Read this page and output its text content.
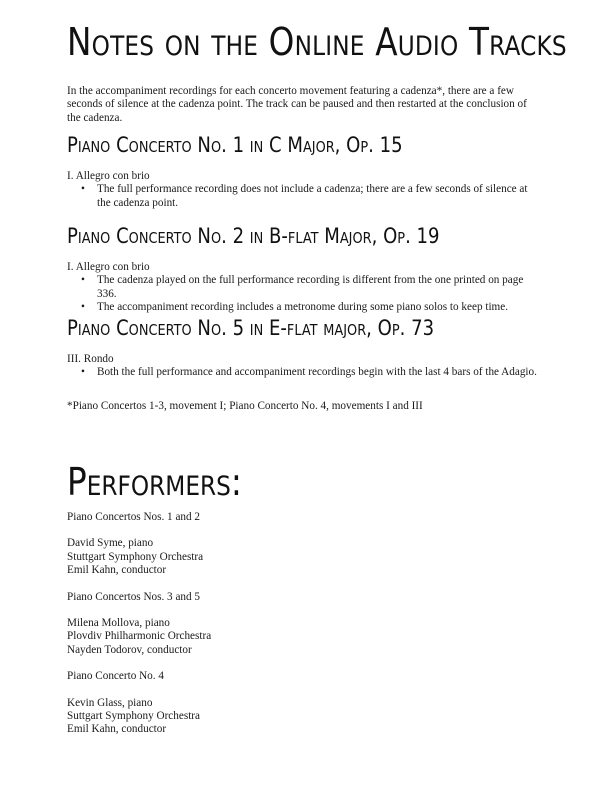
Notes on the Online Audio Tracks

In the accompaniment recordings for each concerto movement featuring a cadenza*, there are a few seconds of silence at the cadenza point. The track can be paused and then restarted at the conclusion of the cadenza.

Piano Concerto No. 1 in C Major, Op. 15
I. Allegro con brio
• The full performance recording does not include a cadenza; there are a few seconds of silence at the cadenza point.
Piano Concerto No. 2 in B-flat Major, Op. 19
I. Allegro con brio
• The cadenza played on the full performance recording is different from the one printed on page 336.
• The accompaniment recording includes a metronome during some piano solos to keep time.
Piano Concerto No. 5 in E-flat major, Op. 73
III. Rondo
• Both the full performance and accompaniment recordings begin with the last 4 bars of the Adagio.

*Piano Concertos 1-3, movement I; Piano Concerto No. 4, movements I and III

Performers:
Piano Concertos Nos. 1 and 2
David Syme, piano
Stuttgart Symphony Orchestra
Emil Kahn, conductor
Piano Concertos Nos. 3 and 5
Milena Mollova, piano
Plovdiv Philharmonic Orchestra
Nayden Todorov, conductor
Piano Concerto No. 4
Kevin Glass, piano
Suttgart Symphony Orchestra
Emil Kahn, conductor
